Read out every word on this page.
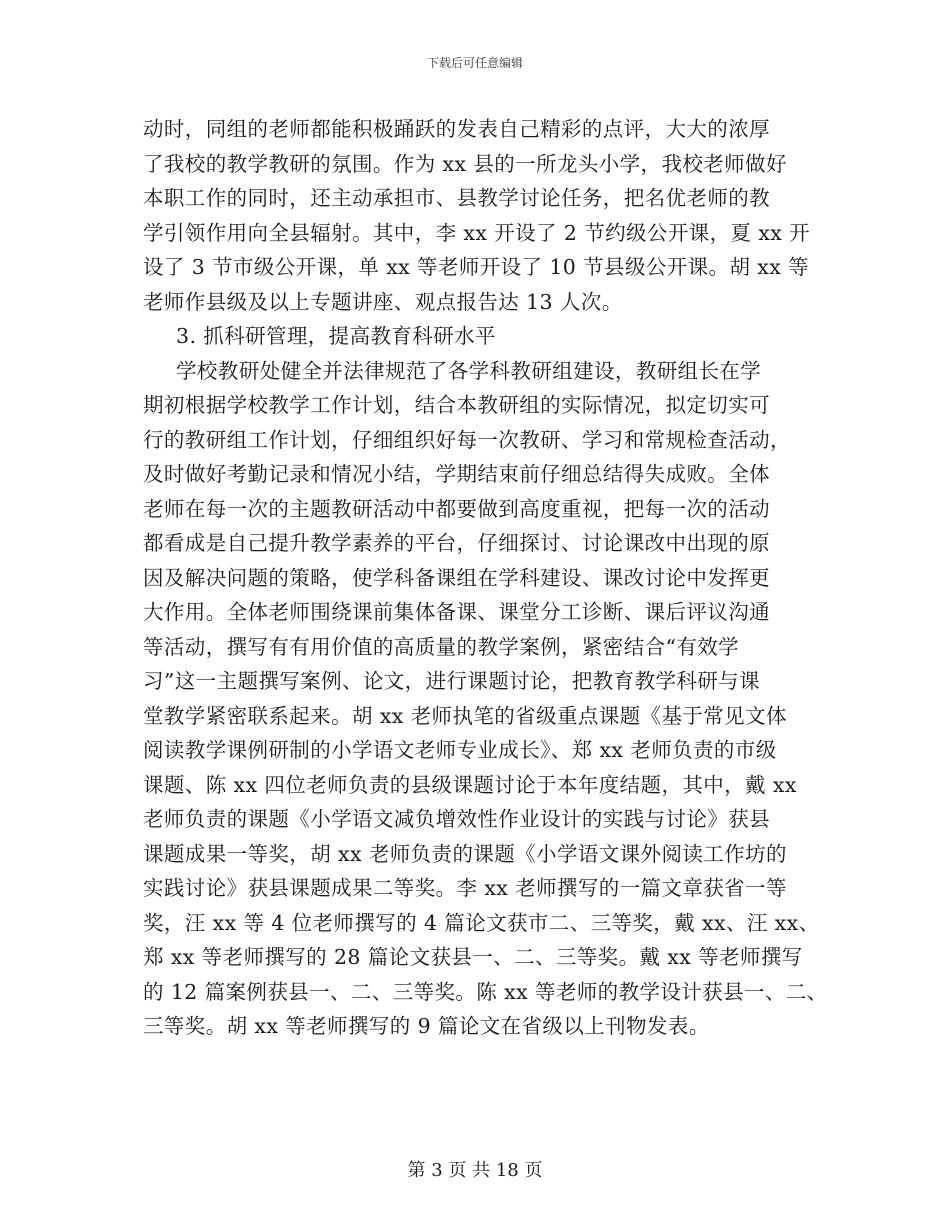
下载后可任意编辑
动时，同组的老师都能积极踊跃的发表自己精彩的点评，大大的浓厚
了我校的教学教研的氛围。作为 xx 县的一所龙头小学，我校老师做好
本职工作的同时，还主动承担市、县教学讨论任务，把名优老师的教
学引领作用向全县辐射。其中，李 xx 开设了 2 节约级公开课，夏 xx 开
设了 3 节市级公开课，单 xx 等老师开设了 10 节县级公开课。胡 xx 等
老师作县级及以上专题讲座、观点报告达 13 人次。
3. 抓科研管理，提高教育科研水平
学校教研处健全并法律规范了各学科教研组建设，教研组长在学
期初根据学校教学工作计划，结合本教研组的实际情况，拟定切实可
行的教研组工作计划，仔细组织好每一次教研、学习和常规检查活动，
及时做好考勤记录和情况小结，学期结束前仔细总结得失成败。全体
老师在每一次的主题教研活动中都要做到高度重视，把每一次的活动
都看成是自己提升教学素养的平台，仔细探讨、讨论课改中出现的原
因及解决问题的策略，使学科备课组在学科建设、课改讨论中发挥更
大作用。全体老师围绕课前集体备课、课堂分工诊断、课后评议沟通
等活动，撰写有有用价值的高质量的教学案例，紧密结合“有效学
习”这一主题撰写案例、论文，进行课题讨论，把教育教学科研与课
堂教学紧密联系起来。胡 xx 老师执笔的省级重点课题《基于常见文体
阅读教学课例研制的小学语文老师专业成长》、郑 xx 老师负责的市级
课题、陈 xx 四位老师负责的县级课题讨论于本年度结题，其中，戴 xx
老师负责的课题《小学语文减负增效性作业设计的实践与讨论》获县
课题成果一等奖，胡 xx 老师负责的课题《小学语文课外阅读工作坊的
实践讨论》获县课题成果二等奖。李 xx 老师撰写的一篇文章获省一等
奖，汪 xx 等 4 位老师撰写的 4 篇论文获市二、三等奖，戴 xx、汪 xx、
郑 xx 等老师撰写的 28 篇论文获县一、二、三等奖。戴 xx 等老师撰写
的 12 篇案例获县一、二、三等奖。陈 xx 等老师的教学设计获县一、二、
三等奖。胡 xx 等老师撰写的 9 篇论文在省级以上刊物发表。
第 3 页 共 18 页
